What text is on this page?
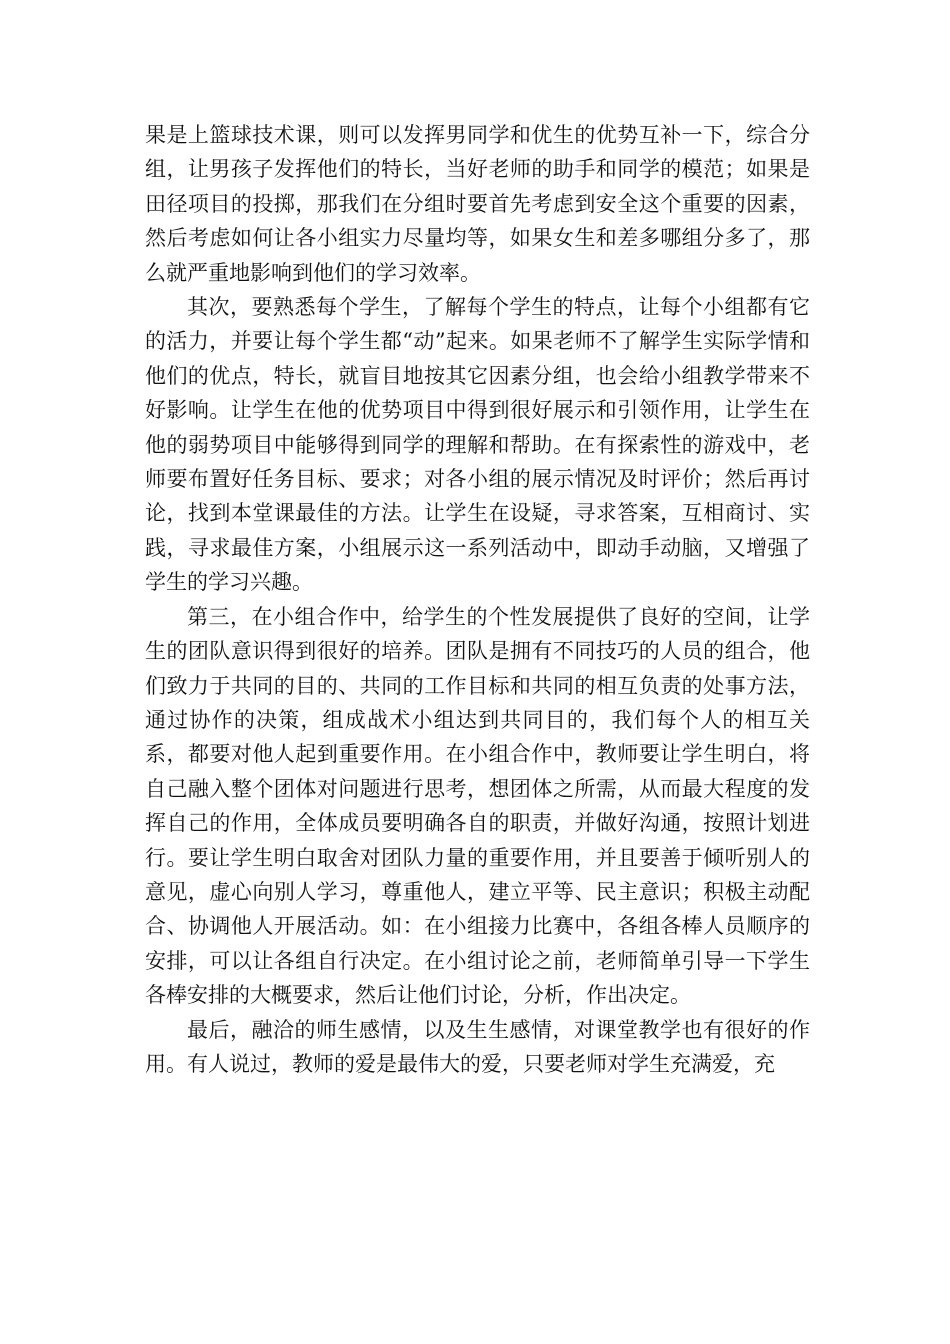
果是上篮球技术课，则可以发挥男同学和优生的优势互补一下，综合分组，让男孩子发挥他们的特长，当好老师的助手和同学的模范；如果是田径项目的投掷，那我们在分组时要首先考虑到安全这个重要的因素，然后考虑如何让各小组实力尽量均等，如果女生和差多哪组分多了，那么就严重地影响到他们的学习效率。

其次，要熟悉每个学生，了解每个学生的特点，让每个小组都有它的活力，并要让每个学生都“动”起来。如果老师不了解学生实际学情和他们的优点，特长，就盲目地按其它因素分组，也会给小组教学带来不好影响。让学生在他的优势项目中得到很好展示和引领作用，让学生在他的弱势项目中能够得到同学的理解和帮助。在有探索性的游戏中，老师要布置好任务目标、要求；对各小组的展示情况及时评价；然后再讨论，找到本堂课最佳的方法。让学生在设疑，寻求答案，互相商讨、实践，寻求最佳方案，小组展示这一系列活动中，即动手动脑，又增强了学生的学习兴趣。

第三，在小组合作中，给学生的个性发展提供了良好的空间，让学生的团队意识得到很好的培养。团队是拥有不同技巧的人员的组合，他们致力于共同的目的、共同的工作目标和共同的相互负责的处事方法，通过协作的决策，组成战术小组达到共同目的，我们每个人的相互关系，都要对他人起到重要作用。在小组合作中，教师要让学生明白，将自己融入整个团体对问题进行思考，想团体之所需，从而最大程度的发挥自己的作用，全体成员要明确各自的职责，并做好沟通，按照计划进行。要让学生明白取舍对团队力量的重要作用，并且要善于倾听别人的意见，虚心向别人学习，尊重他人，建立平等、民主意识；积极主动配合、协调他人开展活动。如：在小组接力比赛中，各组各棒人员顺序的安排，可以让各组自行决定。在小组讨论之前，老师简单引导一下学生各棒安排的大概要求，然后让他们讨论，分析，作出决定。

最后，融洽的师生感情，以及生生感情，对课堂教学也有很好的作用。有人说过，教师的爱是最伟大的爱，只要老师对学生充满爱，充
